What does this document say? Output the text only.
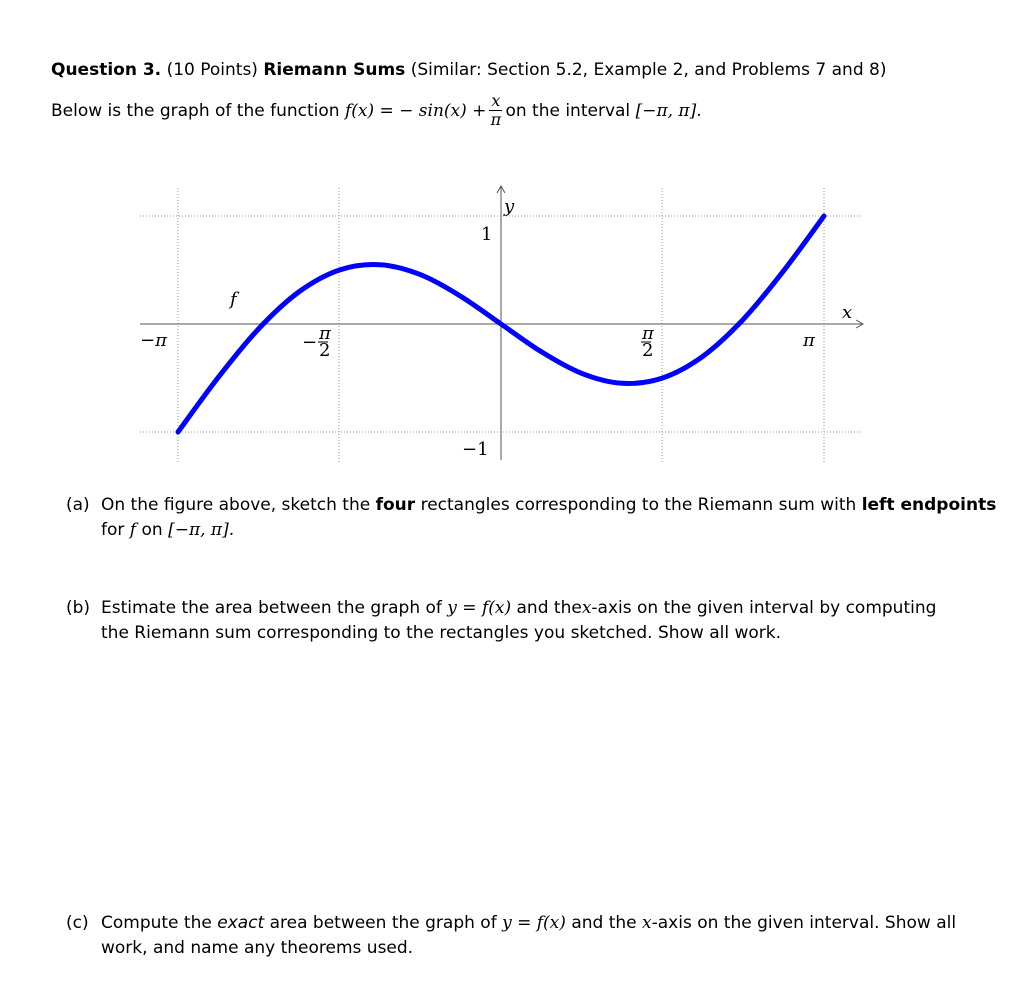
Question 3. (10 Points) Riemann Sums (Similar: Section 5.2, Example 2, and Problems 7 and 8)
Below is the graph of the function
f(x) = − $\sin(x) + \frac{x}{\pi}$ on the interval
[−π, π].
y
x
f
−π	− π
2
π
2	π
1
−1
(a) On the figure above, sketch the four rectangles corresponding to the Riemann sum with left endpoints
for f on [−π, π].
(b) Estimate the area between the graph of y = f(x) and thex-axis on the given interval by computing
the Riemann sum corresponding to the rectangles you sketched. Show all work.
(c) Compute the exact area between the graph of y = f(x) and the x-axis on the given interval. Show all
work, and name any theorems used.
